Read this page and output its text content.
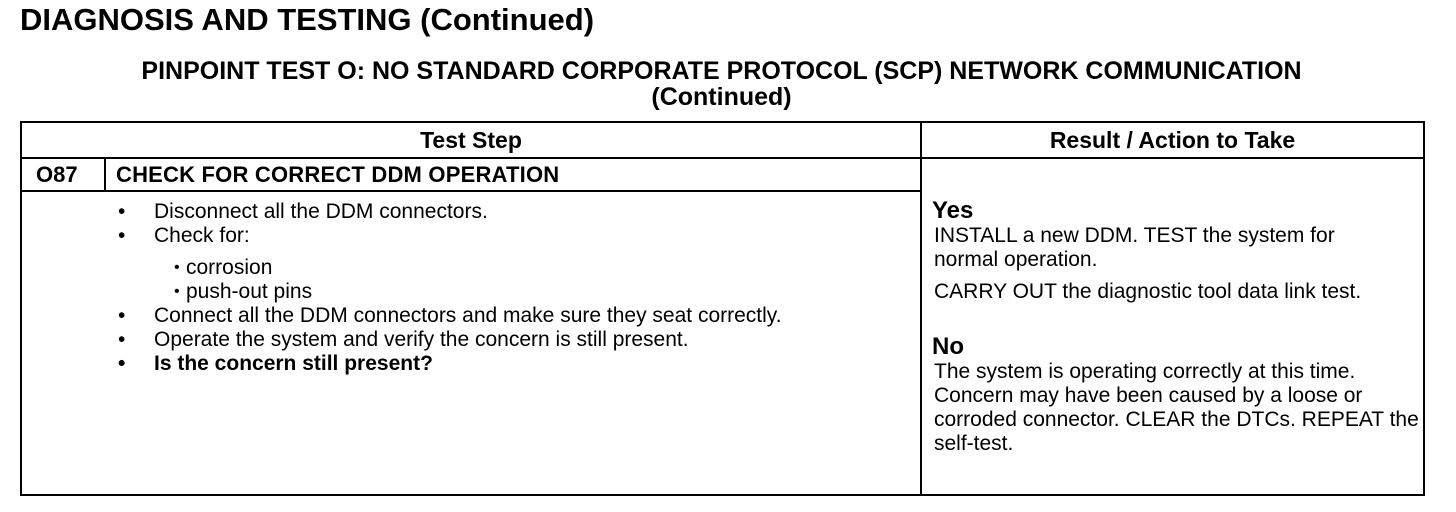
DIAGNOSIS AND TESTING (Continued)
PINPOINT TEST O: NO STANDARD CORPORATE PROTOCOL (SCP) NETWORK COMMUNICATION
(Continued)
Test Step	Result / Action to Take
O87 CHECK FOR CORRECT DDM OPERATION
• Disconnect all the DDM connectors.
• Check for:
• corrosion
• push-out pins
• Connect all the DDM connectors and make sure they seat correctly.
• Operate the system and verify the concern is still present.
• Is the concern still present?
Yes
INSTALL a new DDM. TEST the system for normal operation.
CARRY OUT the diagnostic tool data link test.
No
The system is operating correctly at this time. Concern may have been caused by a loose or corroded connector. CLEAR the DTCs. REPEAT the self-test.
